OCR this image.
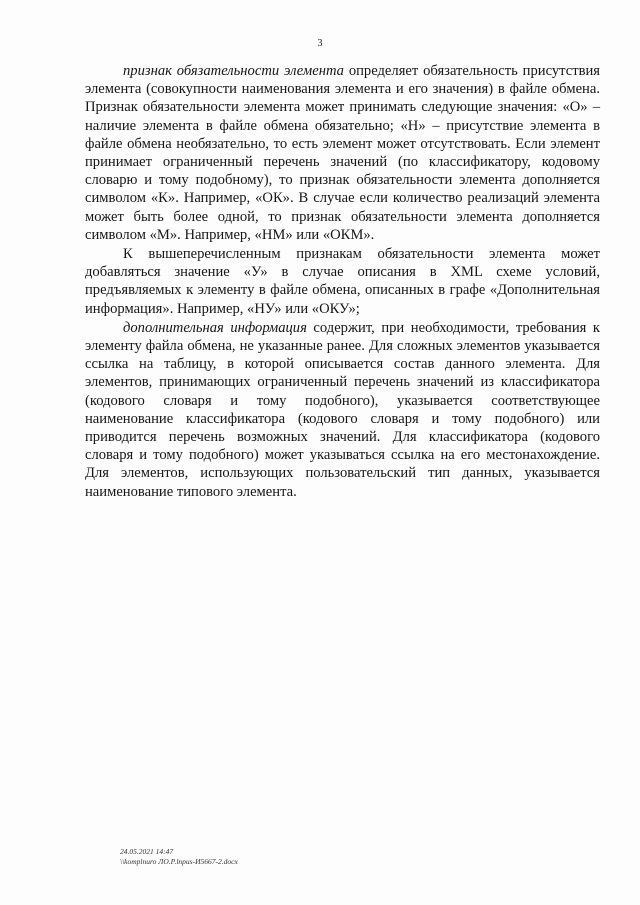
3

признак обязательности элемента определяет обязательность присутствия элемента (совокупности наименования элемента и его значения) в файле обмена. Признак обязательности элемента может принимать следующие значения: «О» – наличие элемента в файле обмена обязательно; «Н» – присутствие элемента в файле обмена необязательно, то есть элемент может отсутствовать. Если элемент принимает ограниченный перечень значений (по классификатору, кодовому словарю и тому подобному), то признак обязательности элемента дополняется символом «К». Например, «ОК». В случае если количество реализаций элемента может быть более одной, то признак обязательности элемента дополняется символом «М». Например, «НМ» или «ОКМ».

К вышеперечисленным признакам обязательности элемента может добавляться значение «У» в случае описания в XML схеме условий, предъявляемых к элементу в файле обмена, описанных в графе «Дополнительная информация». Например, «НУ» или «ОКУ»;

дополнительная информация содержит, при необходимости, требования к элементу файла обмена, не указанные ранее. Для сложных элементов указывается ссылка на таблицу, в которой описывается состав данного элемента. Для элементов, принимающих ограниченный перечень значений из классификатора (кодового словаря и тому подобного), указывается соответствующее наименование классификатора (кодового словаря и тому подобного) или приводится перечень возможных значений. Для классификатора (кодового словаря и тому подобного) может указываться ссылка на его местонахождение. Для элементов, использующих пользовательский тип данных, указывается наименование типового элемента.

24.05.2021 14:47
\\komplnuro ЛО.Р.lnpus-И5667-2.docx
